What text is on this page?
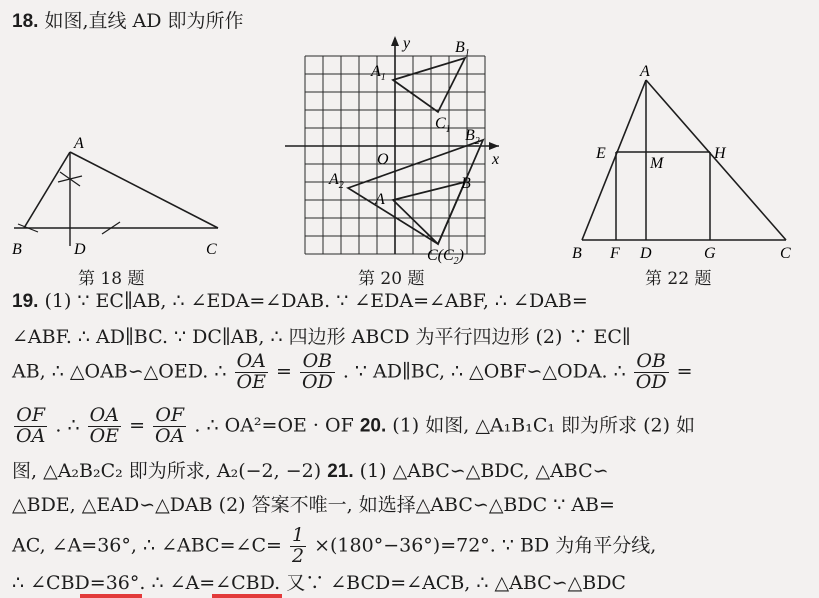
18. 如图,直线 AD 即为所作
A
B	D	C
第 18 题
y
x
O
$A_1$
$B_1$
$C_1$ $B_2$
$A_2$
A
B
$C(C_2)$
第 20 题
A
E
M
H
B F D	G	C
第 22 题
19. (1) ∵ EC∥AB, ∴ ∠EDA=∠DAB. ∵ ∠EDA=∠ABF, ∴ ∠DAB=
∠ABF. ∴ AD∥BC. ∵ DC∥AB, ∴ 四边形 ABCD 为平行四边形 (2) ∵ EC∥
AB, ∴ △OAB∽△OED. ∴ $\frac{OA}{OE} = \frac{OB}{OD}$ . ∵ AD∥BC, ∴ △OBF∽△ODA. ∴ $\frac{OB}{OD}$ =
$\frac{OF}{OA}$ . ∴ $\frac{OA}{OE} = \frac{OF}{OA}$ . ∴ OA²=OE · OF 20. (1) 如图, △A₁B₁C₁ 即为所求 (2) 如
图, △A₂B₂C₂ 即为所求, A₂(−2, −2) 21. (1) △ABC∽△BDC, △ABC∽
△BDE, △EAD∽△DAB (2) 答案不唯一, 如选择△ABC∽△BDC ∵ AB=
AC, ∠A=36°, ∴ ∠ABC=∠C= $\frac{1}{2} \times(180^\circ-36^\circ)=72^\circ$. ∵ BD 为角平分线,
∴ ∠CBD=36°. ∴ ∠A=∠CBD. 又∵ ∠BCD=∠ACB, ∴ △ABC∽△BDC
